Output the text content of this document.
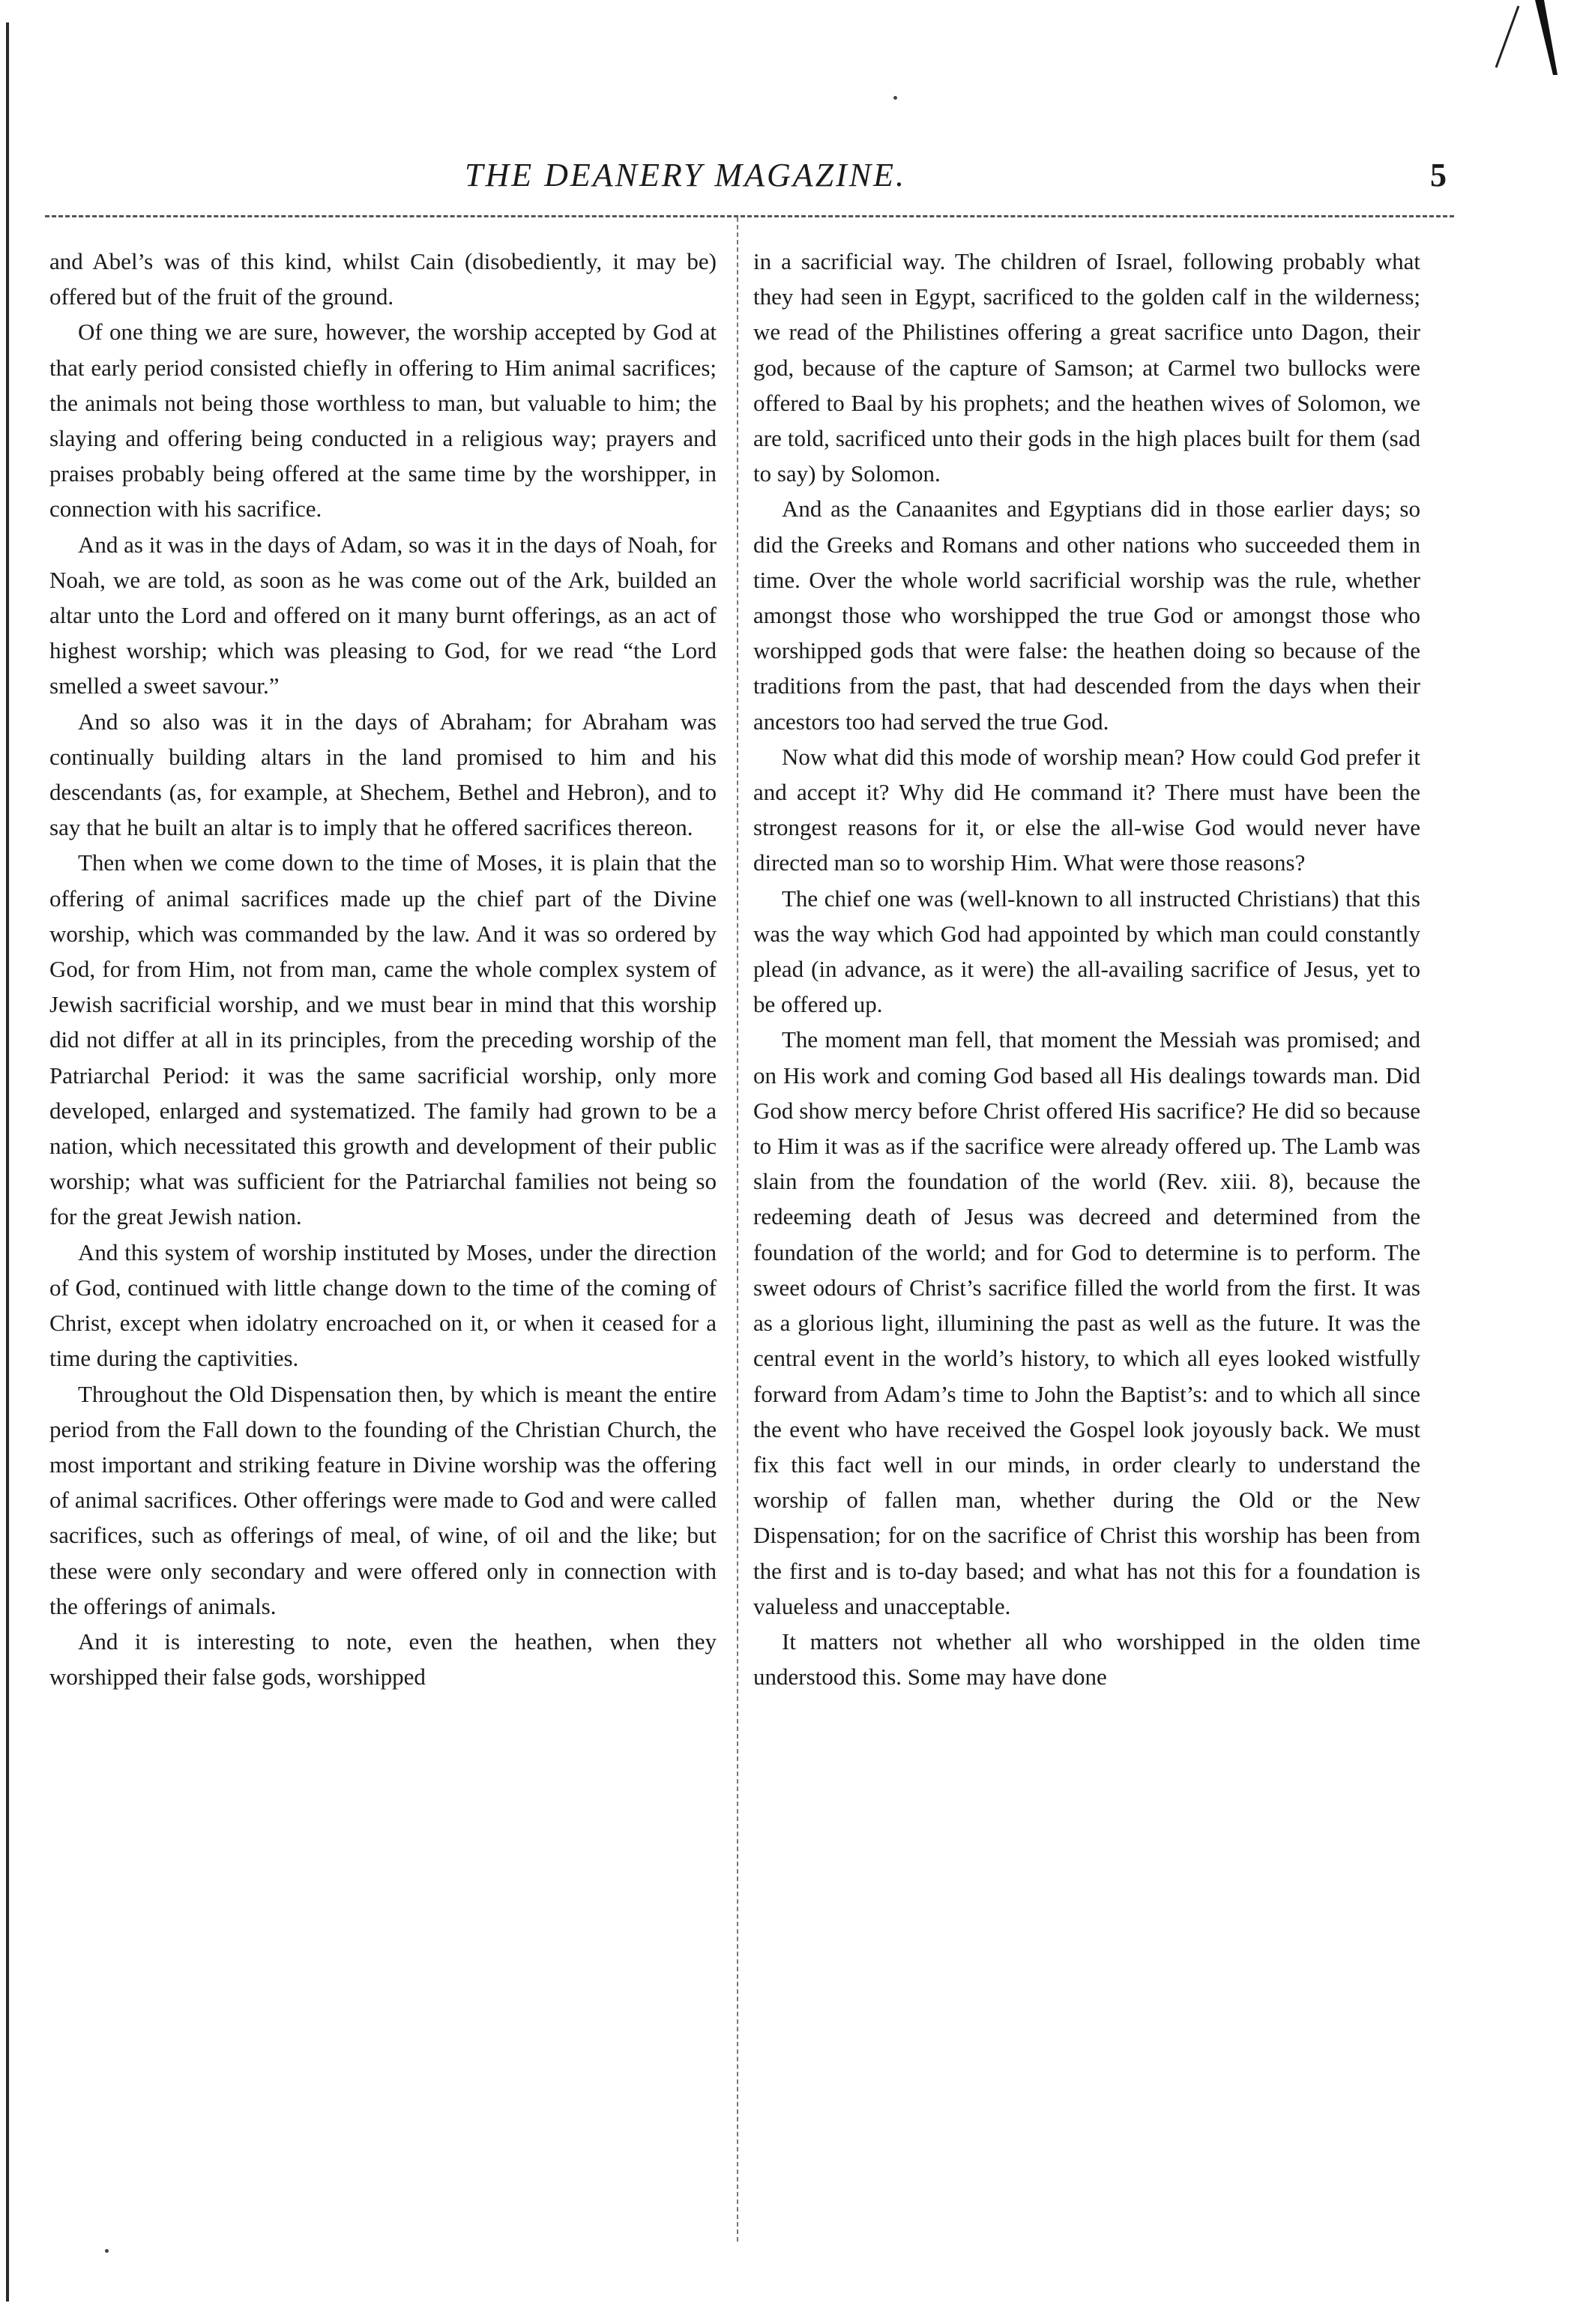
THE DEANERY MAGAZINE.	5

and Abel’s was of this kind, whilst Cain (disobediently, it may be) offered but of the fruit of the ground.

Of one thing we are sure, however, the worship accepted by God at that early period consisted chiefly in offering to Him animal sacrifices; the animals not being those worthless to man, but valuable to him; the slaying and offering being conducted in a religious way; prayers and praises probably being offered at the same time by the worshipper, in connection with his sacrifice.

And as it was in the days of Adam, so was it in the days of Noah, for Noah, we are told, as soon as he was come out of the Ark, builded an altar unto the Lord and offered on it many burnt offerings, as an act of highest worship; which was pleasing to God, for we read “the Lord smelled a sweet savour.”

And so also was it in the days of Abraham; for Abraham was continually building altars in the land promised to him and his descendants (as, for example, at Shechem, Bethel and Hebron), and to say that he built an altar is to imply that he offered sacrifices thereon.

Then when we come down to the time of Moses, it is plain that the offering of animal sacrifices made up the chief part of the Divine worship, which was commanded by the law. And it was so ordered by God, for from Him, not from man, came the whole complex system of Jewish sacrificial worship, and we must bear in mind that this worship did not differ at all in its principles, from the preceding worship of the Patriarchal Period: it was the same sacrificial worship, only more developed, enlarged and systematized. The family had grown to be a nation, which necessitated this growth and development of their public worship; what was sufficient for the Patriarchal families not being so for the great Jewish nation.

And this system of worship instituted by Moses, under the direction of God, continued with little change down to the time of the coming of Christ, except when idolatry encroached on it, or when it ceased for a time during the captivities.

Throughout the Old Dispensation then, by which is meant the entire period from the Fall down to the founding of the Christian Church, the most important and striking feature in Divine worship was the offering of animal sacrifices. Other offerings were made to God and were called sacrifices, such as offerings of meal, of wine, of oil and the like; but these were only secondary and were offered only in connection with the offerings of animals.

And it is interesting to note, even the heathen, when they worshipped their false gods, worshipped

in a sacrificial way. The children of Israel, following probably what they had seen in Egypt, sacrificed to the golden calf in the wilderness; we read of the Philistines offering a great sacrifice unto Dagon, their god, because of the capture of Samson; at Carmel two bullocks were offered to Baal by his prophets; and the heathen wives of Solomon, we are told, sacrificed unto their gods in the high places built for them (sad to say) by Solomon.

And as the Canaanites and Egyptians did in those earlier days; so did the Greeks and Romans and other nations who succeeded them in time. Over the whole world sacrificial worship was the rule, whether amongst those who worshipped the true God or amongst those who worshipped gods that were false: the heathen doing so because of the traditions from the past, that had descended from the days when their ancestors too had served the true God.

Now what did this mode of worship mean? How could God prefer it and accept it? Why did He command it? There must have been the strongest reasons for it, or else the all-wise God would never have directed man so to worship Him. What were those reasons?

The chief one was (well-known to all instructed Christians) that this was the way which God had appointed by which man could constantly plead (in advance, as it were) the all-availing sacrifice of Jesus, yet to be offered up.

The moment man fell, that moment the Messiah was promised; and on His work and coming God based all His dealings towards man. Did God show mercy before Christ offered His sacrifice? He did so because to Him it was as if the sacrifice were already offered up. The Lamb was slain from the foundation of the world (Rev. xiii. 8), because the redeeming death of Jesus was decreed and determined from the foundation of the world; and for God to determine is to perform. The sweet odours of Christ’s sacrifice filled the world from the first. It was as a glorious light, illumining the past as well as the future. It was the central event in the world’s history, to which all eyes looked wistfully forward from Adam’s time to John the Baptist’s: and to which all since the event who have received the Gospel look joyously back. We must fix this fact well in our minds, in order clearly to understand the worship of fallen man, whether during the Old or the New Dispensation; for on the sacrifice of Christ this worship has been from the first and is to-day based; and what has not this for a foundation is valueless and unacceptable.

It matters not whether all who worshipped in the olden time understood this. Some may have done
